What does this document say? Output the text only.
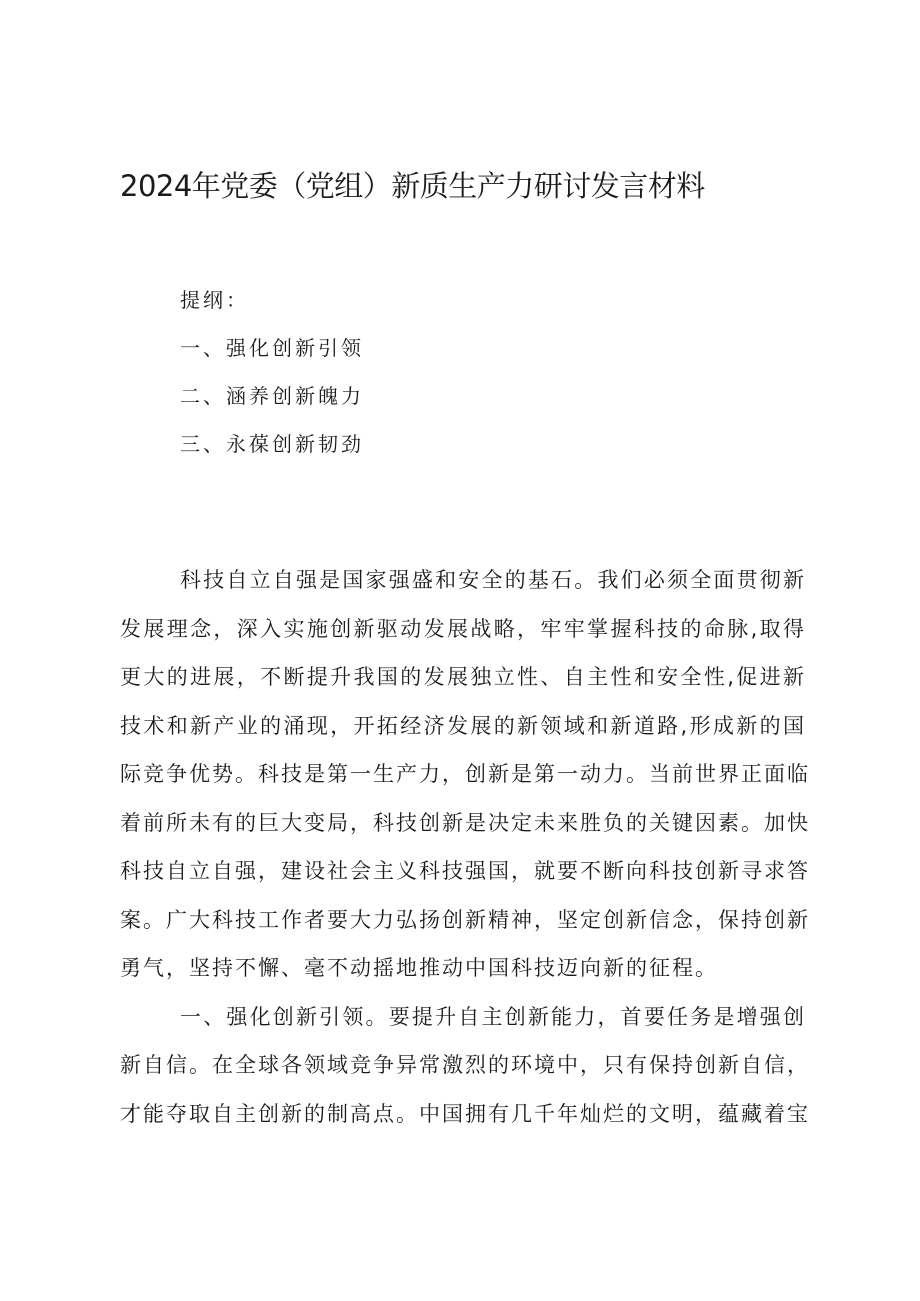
2024年党委（党组）新质生产力研讨发言材料
提纲：
一、强化创新引领
二、涵养创新魄力
三、永葆创新韧劲
科技自立自强是国家强盛和安全的基石。我们必须全面贯彻新
发展理念，深入实施创新驱动发展战略，牢牢掌握科技的命脉,取得
更大的进展，不断提升我国的发展独立性、自主性和安全性,促进新
技术和新产业的涌现，开拓经济发展的新领域和新道路,形成新的国
际竞争优势。科技是第一生产力，创新是第一动力。当前世界正面临
着前所未有的巨大变局，科技创新是决定未来胜负的关键因素。加快
科技自立自强，建设社会主义科技强国，就要不断向科技创新寻求答
案。广大科技工作者要大力弘扬创新精神，坚定创新信念，保持创新
勇气，坚持不懈、毫不动摇地推动中国科技迈向新的征程。
一、强化创新引领。要提升自主创新能力，首要任务是增强创
新自信。在全球各领域竞争异常激烈的环境中，只有保持创新自信，
才能夺取自主创新的制高点。中国拥有几千年灿烂的文明，蕴藏着宝
